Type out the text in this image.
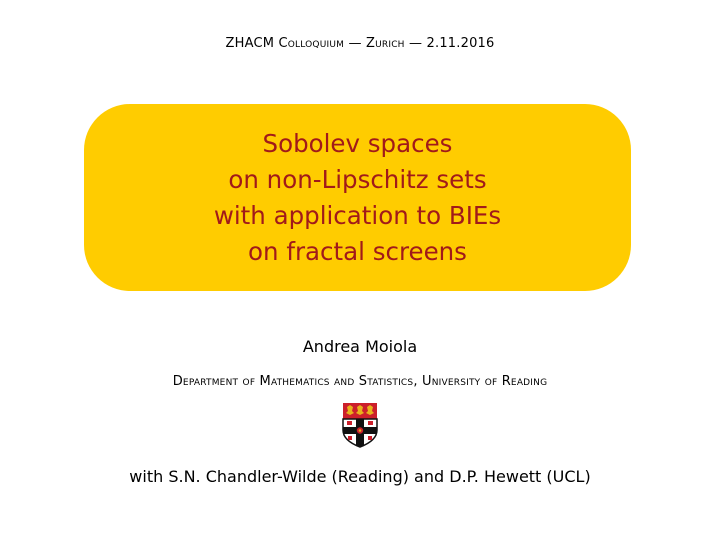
ZHACM Colloquium — Zurich — 2.11.2016
Sobolev spaces
on non-Lipschitz sets
with application to BIEs
on fractal screens
Andrea Moiola
Department of Mathematics and Statistics, University of Reading
with S.N. Chandler-Wilde (Reading) and D.P. Hewett (UCL)
